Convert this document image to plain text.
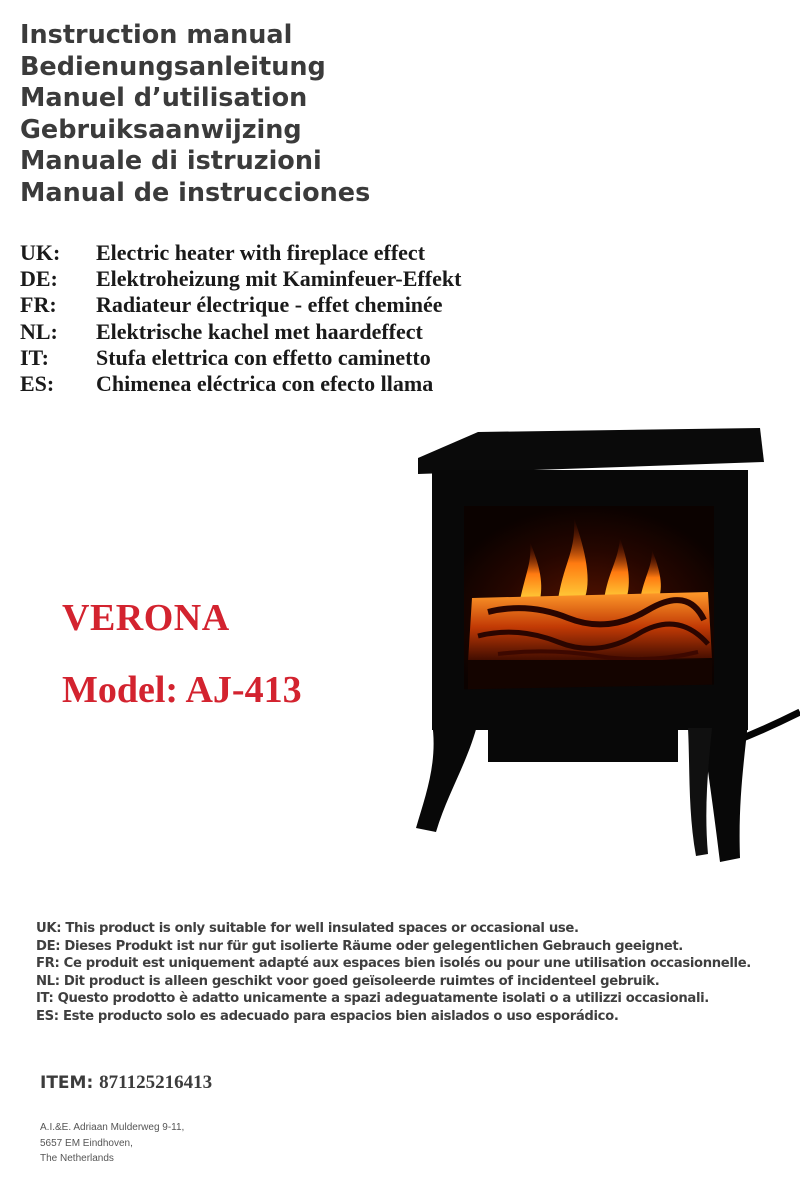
Instruction manual
Bedienungsanleitung
Manuel d’utilisation
Gebruiksaanwijzing
Manuale di istruzioni
Manual de instrucciones
UK: Electric heater with fireplace effect
DE: Elektroheizung mit Kaminfeuer-Effekt
FR: Radiateur électrique - effet cheminée
NL: Elektrische kachel met haardeffect
IT: Stufa elettrica con effetto caminetto
ES: Chimenea eléctrica con efecto llama
VERONA
Model: AJ-413
UK: This product is only suitable for well insulated spaces or occasional use.
DE: Dieses Produkt ist nur für gut isolierte Räume oder gelegentlichen Gebrauch geeignet.
FR: Ce produit est uniquement adapté aux espaces bien isolés ou pour une utilisation occasionnelle.
NL: Dit product is alleen geschikt voor goed geïsoleerde ruimtes of incidenteel gebruik.
IT: Questo prodotto è adatto unicamente a spazi adeguatamente isolati o a utilizzi occasionali.
ES: Este producto solo es adecuado para espacios bien aislados o uso esporádico.
ITEM: 871125216413
A.I.&E. Adriaan Mulderweg 9-11,
5657 EM Eindhoven,
The Netherlands
